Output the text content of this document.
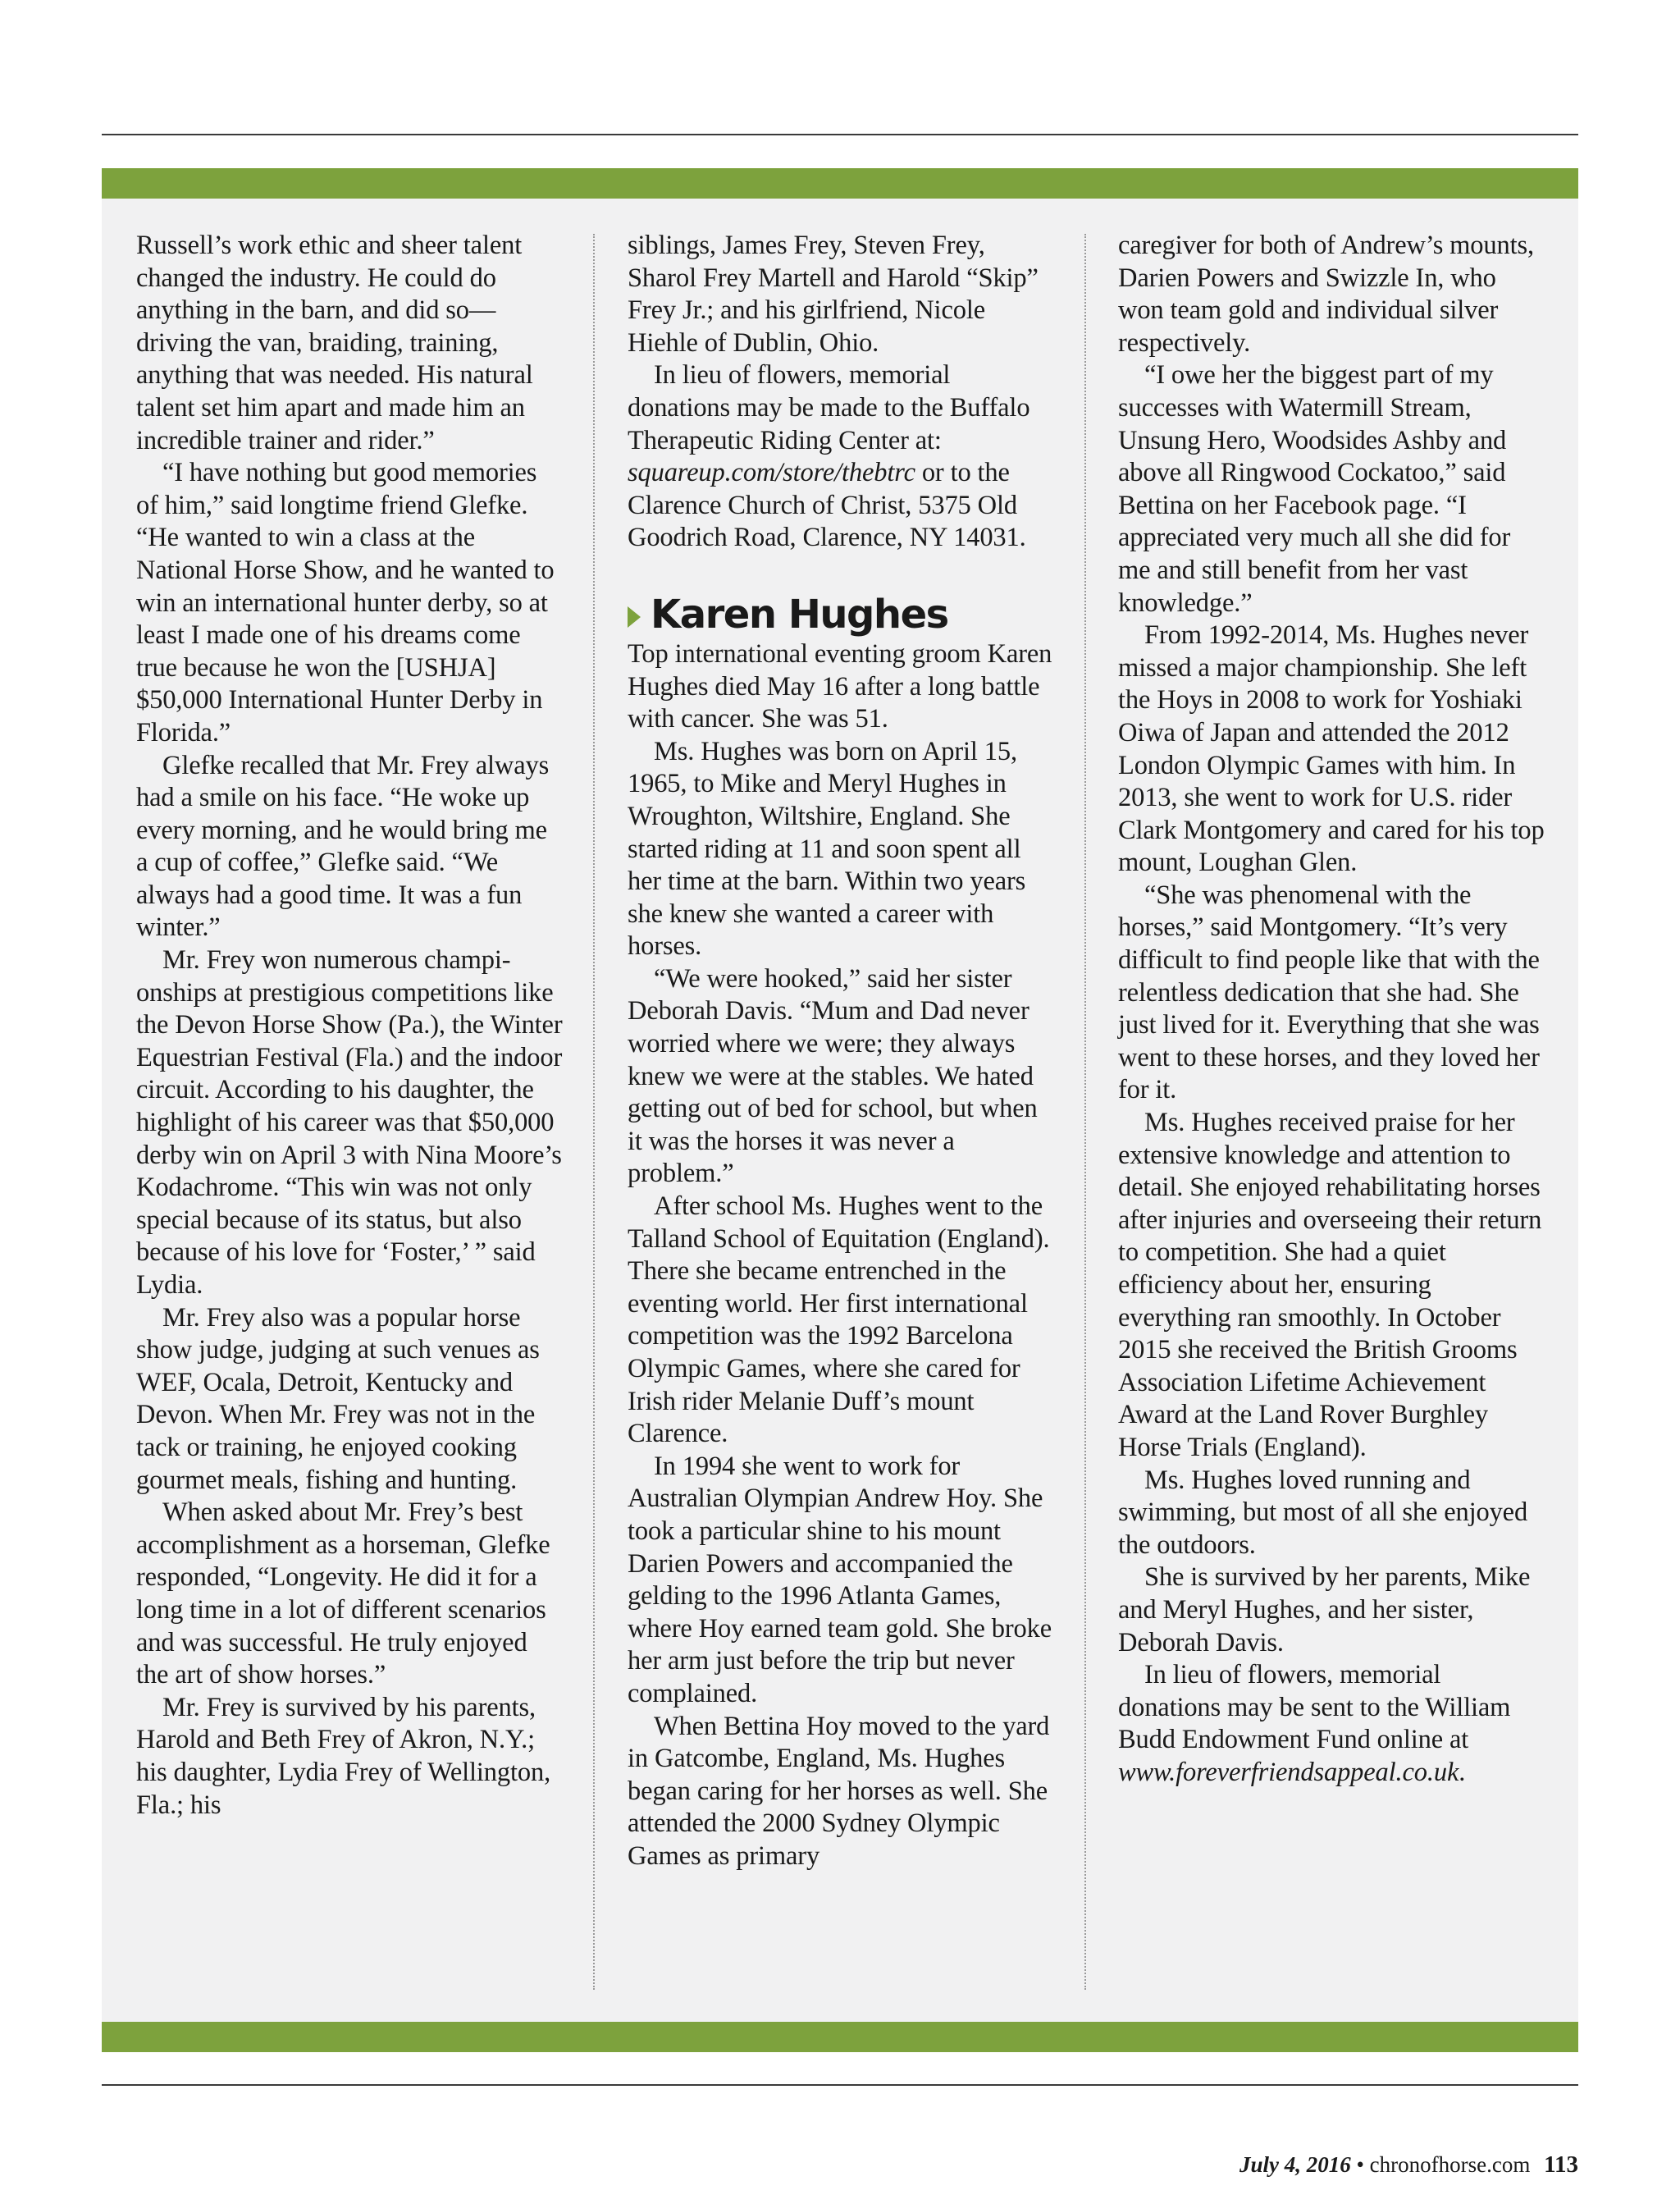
Russell’s work ethic and sheer talent changed the industry. He could do anything in the barn, and did so—driving the van, braiding, training, anything that was needed. His natural talent set him apart and made him an incredible trainer and rider.”

“I have nothing but good memories of him,” said longtime friend Glefke. “He wanted to win a class at the National Horse Show, and he wanted to win an international hunter derby, so at least I made one of his dreams come true because he won the [USHJA] $50,000 International Hunter Derby in Florida.”

Glefke recalled that Mr. Frey always had a smile on his face. “He woke up every morning, and he would bring me a cup of coffee,” Glefke said. “We always had a good time. It was a fun winter.”

Mr. Frey won numerous championships at prestigious competitions like the Devon Horse Show (Pa.), the Winter Equestrian Festival (Fla.) and the indoor circuit. According to his daughter, the highlight of his career was that $50,000 derby win on April 3 with Nina Moore’s Kodachrome. “This win was not only special because of its status, but also because of his love for ‘Foster,’ ” said Lydia.

Mr. Frey also was a popular horse show judge, judging at such venues as WEF, Ocala, Detroit, Kentucky and Devon. When Mr. Frey was not in the tack or training, he enjoyed cooking gourmet meals, fishing and hunting.

When asked about Mr. Frey’s best accomplishment as a horseman, Glefke responded, “Longevity. He did it for a long time in a lot of different scenarios and was successful. He truly enjoyed the art of show horses.”

Mr. Frey is survived by his parents, Harold and Beth Frey of Akron, N.Y.; his daughter, Lydia Frey of Wellington, Fla.; his

siblings, James Frey, Steven Frey, Sharol Frey Martell and Harold “Skip” Frey Jr.; and his girlfriend, Nicole Hiehle of Dublin, Ohio.

In lieu of flowers, memorial donations may be made to the Buffalo Therapeutic Riding Center at: squareup.com/store/thebtrc or to the Clarence Church of Christ, 5375 Old Goodrich Road, Clarence, NY 14031.

Karen Hughes

Top international eventing groom Karen Hughes died May 16 after a long battle with cancer. She was 51.

Ms. Hughes was born on April 15, 1965, to Mike and Meryl Hughes in Wroughton, Wiltshire, England. She started riding at 11 and soon spent all her time at the barn. Within two years she knew she wanted a career with horses.

“We were hooked,” said her sister Deborah Davis. “Mum and Dad never worried where we were; they always knew we were at the stables. We hated getting out of bed for school, but when it was the horses it was never a problem.”

After school Ms. Hughes went to the Talland School of Equitation (England). There she became entrenched in the eventing world. Her first international competition was the 1992 Barcelona Olympic Games, where she cared for Irish rider Melanie Duff’s mount Clarence.

In 1994 she went to work for Australian Olympian Andrew Hoy. She took a particular shine to his mount Darien Powers and accompanied the gelding to the 1996 Atlanta Games, where Hoy earned team gold. She broke her arm just before the trip but never complained.

When Bettina Hoy moved to the yard in Gatcombe, England, Ms. Hughes began caring for her horses as well. She attended the 2000 Sydney Olympic Games as primary

caregiver for both of Andrew’s mounts, Darien Powers and Swizzle In, who won team gold and individual silver respectively.

“I owe her the biggest part of my successes with Watermill Stream, Unsung Hero, Woodsides Ashby and above all Ringwood Cockatoo,” said Bettina on her Facebook page. “I appreciated very much all she did for me and still benefit from her vast knowledge.”

From 1992-2014, Ms. Hughes never missed a major championship. She left the Hoys in 2008 to work for Yoshiaki Oiwa of Japan and attended the 2012 London Olympic Games with him. In 2013, she went to work for U.S. rider Clark Montgomery and cared for his top mount, Loughan Glen.

“She was phenomenal with the horses,” said Montgomery. “It’s very difficult to find people like that with the relentless dedication that she had. She just lived for it. Everything that she was went to these horses, and they loved her for it.

Ms. Hughes received praise for her extensive knowledge and attention to detail. She enjoyed rehabilitating horses after injuries and overseeing their return to competition. She had a quiet efficiency about her, ensuring everything ran smoothly. In October 2015 she received the British Grooms Association Lifetime Achievement Award at the Land Rover Burghley Horse Trials (England).

Ms. Hughes loved running and swimming, but most of all she enjoyed the outdoors.

She is survived by her parents, Mike and Meryl Hughes, and her sister, Deborah Davis.

In lieu of flowers, memorial donations may be sent to the William Budd Endowment Fund online at www.foreverfriendsappeal.co.uk.

July 4, 2016 • chronofhorse.com 113
